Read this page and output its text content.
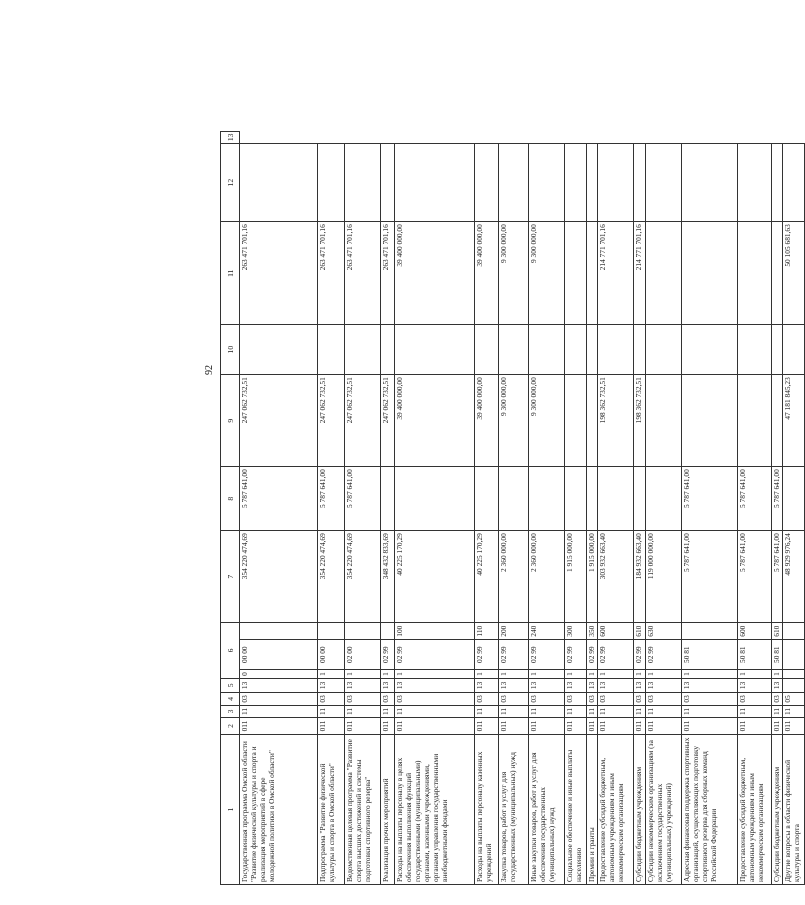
92
1	2	3	4	5	6			7	8	9	10	11	12	13
Государственная программа Омской области "Развитие физической культуры и спорта и реализация мероприятий в сфере молодежной политики в Омской области"	011	11	03	13	0	00 00		354 220 474,69	5 787 641,00	247 062 732,51		263 471 701,16		
Подпрограмма "Развитие физической культуры и спорта в Омской области"	011	11	03	13	1	00 00		354 220 474,69	5 787 641,00	247 062 732,51		263 471 701,16		
Ведомственная целевая программа "Развитие спорта высших достижений и системы подготовки спортивного резерва"	011	11	03	13	1	02 00		354 220 474,69	5 787 641,00	247 062 732,51		263 471 701,16		
Реализация прочих мероприятий	011	11	03	13	1	02 99		348 432 833,69		247 062 732,51		263 471 701,16		
Расходы на выплаты персоналу в целях обеспечения выполнения функций государственными (муниципальными) органами, казенными учреждениями, органами управления государственными внебюджетными фондами	011	11	03	13	1	02 99	100	40 225 170,29		39 400 000,00		39 400 000,00		
Расходы на выплаты персоналу казенных учреждений	011	11	03	13	1	02 99	110	40 225 170,29		39 400 000,00		39 400 000,00		
Закупка товаров, работ и услуг для государственных (муниципальных) нужд	011	11	03	13	1	02 99	200	2 360 000,00		9 300 000,00		9 300 000,00		
Иные закупки товаров, работ и услуг для обеспечения государственных (муниципальных) нужд	011	11	03	13	1	02 99	240	2 360 000,00		9 300 000,00		9 300 000,00		
Социальное обеспечение и иные выплаты населению	011	11	03	13	1	02 99	300	1 915 000,00						
Премии и гранты	011	11	03	13	1	02 99	350	1 915 000,00						
Предоставление субсидий бюджетным, автономным учреждениям и иным некоммерческим организациям	011	11	03	13	1	02 99	600	303 932 663,40		198 362 732,51		214 771 701,16		
Субсидии бюджетным учреждениям	011	11	03	13	1	02 99	610	184 932 663,40		198 362 732,51		214 771 701,16		
Субсидии некоммерческим организациям (за исключением государственных (муниципальных) учреждений)	011	11	03	13	1	02 99	630	119 000 000,00						
Адресная финансовая поддержка спортивных организаций, осуществляющих подготовку спортивного резерва для сборных команд Российской Федерации	011	11	03	13	1	50 81		5 787 641,00	5 787 641,00					
Предоставление субсидий бюджетным, автономным учреждениям и иным некоммерческим организациям	011	11	03	13	1	50 81	600	5 787 641,00	5 787 641,00					
Субсидии бюджетным учреждениям	011	11	03	13	1	50 81	610	5 787 641,00	5 787 641,00					
Другие вопросы в области физической культуры и спорта	011	11	05					48 929 976,24		47 181 845,23		50 105 681,63		
